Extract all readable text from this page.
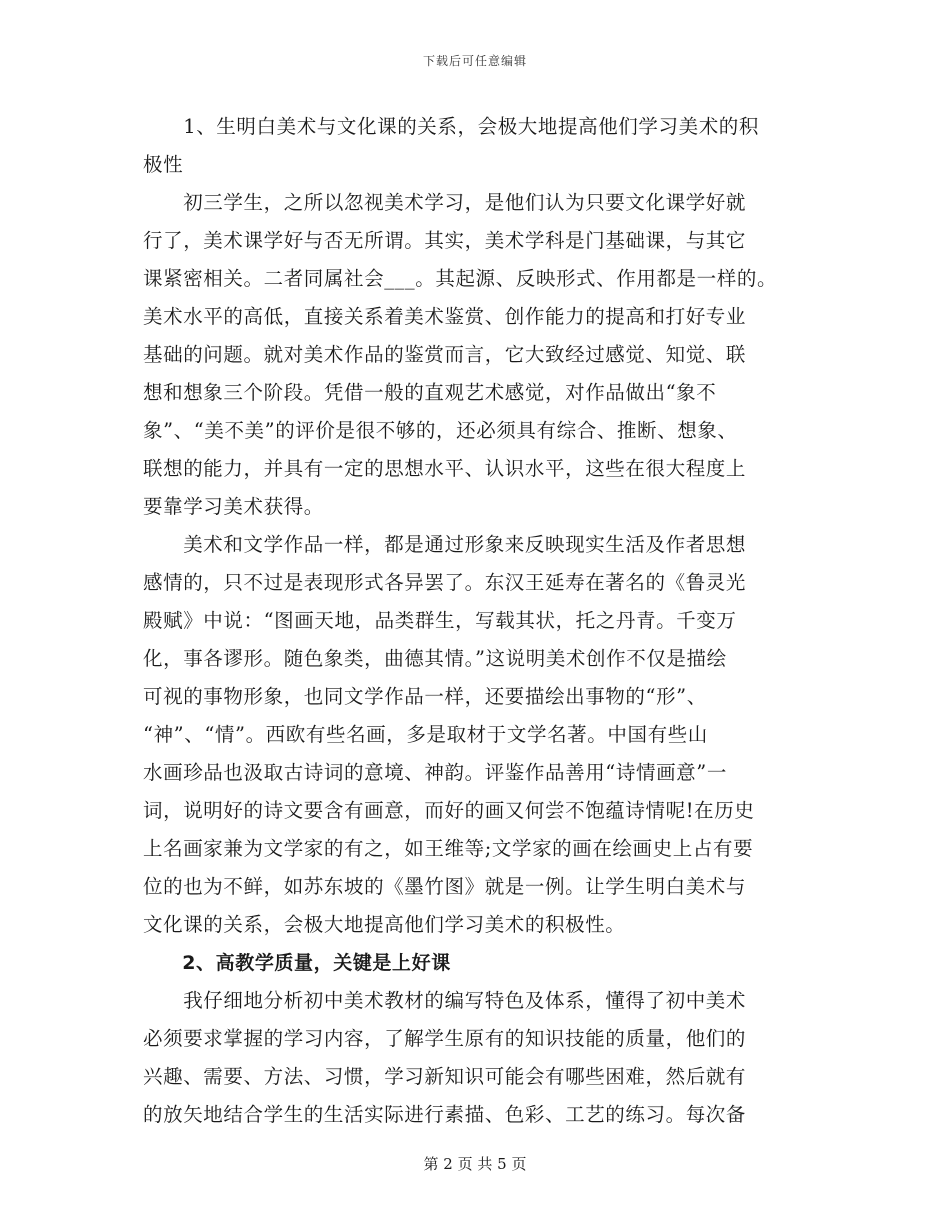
下载后可任意编辑
　　1、生明白美术与文化课的关系，会极大地提高他们学习美术的积
极性
　　初三学生，之所以忽视美术学习，是他们认为只要文化课学好就
行了，美术课学好与否无所谓。其实，美术学科是门基础课，与其它
课紧密相关。二者同属社会___。其起源、反映形式、作用都是一样的。
美术水平的高低，直接关系着美术鉴赏、创作能力的提高和打好专业
基础的问题。就对美术作品的鉴赏而言，它大致经过感觉、知觉、联
想和想象三个阶段。凭借一般的直观艺术感觉，对作品做出“象不
象”、“美不美”的评价是很不够的，还必须具有综合、推断、想象、
联想的能力，并具有一定的思想水平、认识水平，这些在很大程度上
要靠学习美术获得。
　　美术和文学作品一样，都是通过形象来反映现实生活及作者思想
感情的，只不过是表现形式各异罢了。东汉王延寿在著名的《鲁灵光
殿赋》中说：“图画天地，品类群生，写载其状，托之丹青。千变万
化，事各谬形。随色象类，曲德其情。”这说明美术创作不仅是描绘
可视的事物形象，也同文学作品一样，还要描绘出事物的“形”、
“神”、“情”。西欧有些名画，多是取材于文学名著。中国有些山
水画珍品也汲取古诗词的意境、神韵。评鉴作品善用“诗情画意”一
词，说明好的诗文要含有画意，而好的画又何尝不饱蕴诗情呢!在历史
上名画家兼为文学家的有之，如王维等;文学家的画在绘画史上占有要
位的也为不鲜，如苏东坡的《墨竹图》就是一例。让学生明白美术与
文化课的关系，会极大地提高他们学习美术的积极性。
　　2、高教学质量，关键是上好课
　　我仔细地分析初中美术教材的编写特色及体系，懂得了初中美术
必须要求掌握的学习内容，了解学生原有的知识技能的质量，他们的
兴趣、需要、方法、习惯，学习新知识可能会有哪些困难，然后就有
的放矢地结合学生的生活实际进行素描、色彩、工艺的练习。每次备
第 2 页 共 5 页
